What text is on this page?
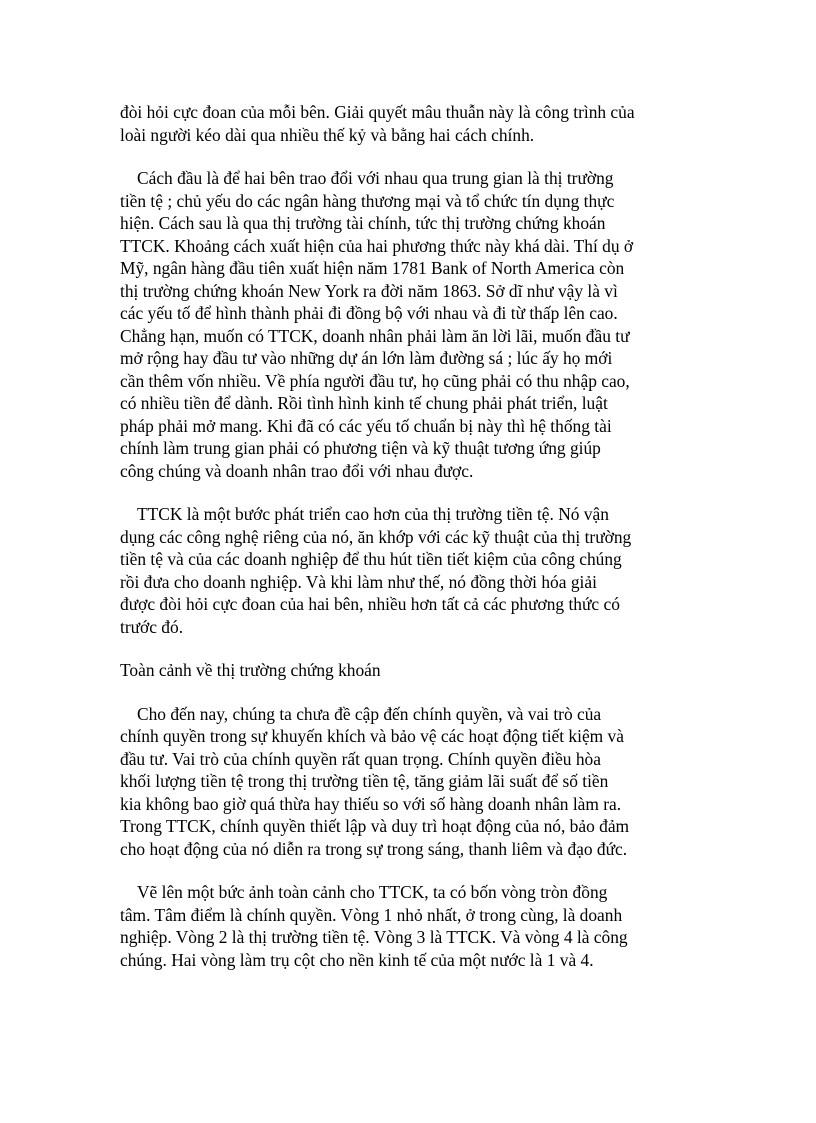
đòi hỏi cực đoan của mỗi bên. Giải quyết mâu thuẫn này là công trình của
loài người kéo dài qua nhiều thế kỷ và bằng hai cách chính.

Cách đầu là để hai bên trao đổi với nhau qua trung gian là thị trường
tiền tệ ; chủ yếu do các ngân hàng thương mại và tổ chức tín dụng thực
hiện. Cách sau là qua thị trường tài chính, tức thị trường chứng khoán
TTCK. Khoảng cách xuất hiện của hai phương thức này khá dài. Thí dụ ở
Mỹ, ngân hàng đầu tiên xuất hiện năm 1781 Bank of North America còn
thị trường chứng khoán New York ra đời năm 1863. Sở dĩ như vậy là vì
các yếu tố để hình thành phải đi đồng bộ với nhau và đi từ thấp lên cao.
Chẳng hạn, muốn có TTCK, doanh nhân phải làm ăn lời lãi, muốn đầu tư
mở rộng hay đầu tư vào những dự án lớn làm đường sá ; lúc ấy họ mới
cần thêm vốn nhiều. Về phía người đầu tư, họ cũng phải có thu nhập cao,
có nhiều tiền để dành. Rồi tình hình kinh tế chung phải phát triển, luật
pháp phải mở mang. Khi đã có các yếu tố chuẩn bị này thì hệ thống tài
chính làm trung gian phải có phương tiện và kỹ thuật tương ứng giúp
công chúng và doanh nhân trao đổi với nhau được.

TTCK là một bước phát triển cao hơn của thị trường tiền tệ. Nó vận
dụng các công nghệ riêng của nó, ăn khớp với các kỹ thuật của thị trường
tiền tệ và của các doanh nghiệp để thu hút tiền tiết kiệm của công chúng
rồi đưa cho doanh nghiệp. Và khi làm như thế, nó đồng thời hóa giải
được đòi hỏi cực đoan của hai bên, nhiều hơn tất cả các phương thức có
trước đó.

Toàn cảnh về thị trường chứng khoán

Cho đến nay, chúng ta chưa đề cập đến chính quyền, và vai trò của
chính quyền trong sự khuyến khích và bảo vệ các hoạt động tiết kiệm và
đầu tư. Vai trò của chính quyền rất quan trọng. Chính quyền điều hòa
khối lượng tiền tệ trong thị trường tiền tệ, tăng giảm lãi suất để số tiền
kia không bao giờ quá thừa hay thiếu so với số hàng doanh nhân làm ra.
Trong TTCK, chính quyền thiết lập và duy trì hoạt động của nó, bảo đảm
cho hoạt động của nó diễn ra trong sự trong sáng, thanh liêm và đạo đức.

Vẽ lên một bức ảnh toàn cảnh cho TTCK, ta có bốn vòng tròn đồng
tâm. Tâm điểm là chính quyền. Vòng 1 nhỏ nhất, ở trong cùng, là doanh
nghiệp. Vòng 2 là thị trường tiền tệ. Vòng 3 là TTCK. Và vòng 4 là công
chúng. Hai vòng làm trụ cột cho nền kinh tế của một nước là 1 và 4.
